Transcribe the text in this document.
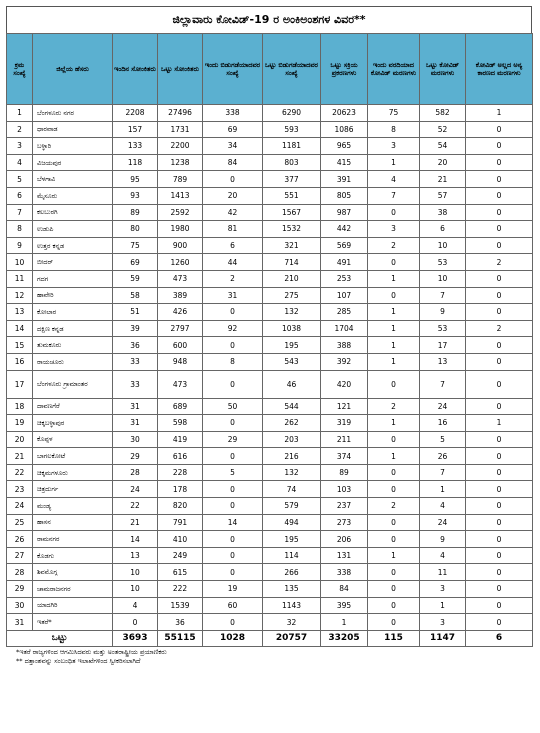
ಜಿಲ್ಲಾವಾರು ಕೋವಿಡ್-19 ರ ಅಂಕಿಅಂಶಗಳ ವಿವರ**
ಕ್ರಮ ಸಂಖ್ಯೆ	ಜಿಲ್ಲೆಯ ಹೆಸರು	ಇಂದಿನ ಸೋಂಕಿತರು	ಒಟ್ಟು ಸೋಂಕಿತರು	ಇಂದು ಬಿಡುಗಡೆಯಾದವರ ಸಂಖ್ಯೆ	ಒಟ್ಟು ಬಿಡುಗಡೆಯಾದವರ ಸಂಖ್ಯೆ	ಒಟ್ಟು ಸಕ್ರಿಯ ಪ್ರಕರಣಗಳು	ಇಂದು ವರದಿಯಾದ ಕೋವಿಡ್ ಮರಣಗಳು	ಒಟ್ಟು ಕೋವಿಡ್ ಮರಣಗಳು	ಕೋವಿಡ್ ಅಲ್ಲದ ಅನ್ಯ ಕಾರಣದ ಮರಣಗಳು
1	ಬೆಂಗಳೂರು ನಗರ	2208	27496	338	6290	20623	75	582	1
2	ಧಾರವಾಡ	157	1731	69	593	1086	8	52	0
3	ಬಳ್ಳಾರಿ	133	2200	34	1181	965	3	54	0
4	ವಿಜಯಪುರ	118	1238	84	803	415	1	20	0
5	ಬೆಳಗಾವಿ	95	789	0	377	391	4	21	0
6	ಮೈಸೂರು	93	1413	20	551	805	7	57	0
7	ಕಲಬುರಗಿ	89	2592	42	1567	987	0	38	0
8	ಉಡುಪಿ	80	1980	81	1532	442	3	6	0
9	ಉತ್ತರ ಕನ್ನಡ	75	900	6	321	569	2	10	0
10	ಬೀದರ್	69	1260	44	714	491	0	53	2
11	ಗದಗ	59	473	2	210	253	1	10	0
12	ಹಾವೇರಿ	58	389	31	275	107	0	7	0
13	ಕೋಲಾರ	51	426	0	132	285	1	9	0
14	ದಕ್ಷಿಣ ಕನ್ನಡ	39	2797	92	1038	1704	1	53	2
15	ತುಮಕೂರು	36	600	0	195	388	1	17	0
16	ರಾಯಚೂರು	33	948	8	543	392	1	13	0
17	ಬೆಂಗಳೂರು ಗ್ರಾಮಾಂತರ	33	473	0	46	420	0	7	0
18	ದಾವಣಗೆರೆ	31	689	50	544	121	2	24	0
19	ಚಿಕ್ಕಬಳ್ಳಾಪುರ	31	598	0	262	319	1	16	1
20	ಕೊಪ್ಪಳ	30	419	29	203	211	0	5	0
21	ಬಾಗಲಕೋಟೆ	29	616	0	216	374	1	26	0
22	ಚಿಕ್ಕಮಗಳೂರು	28	228	5	132	89	0	7	0
23	ಚಿತ್ರದುರ್ಗ	24	178	0	74	103	0	1	0
24	ಮಂಡ್ಯ	22	820	0	579	237	2	4	0
25	ಹಾಸನ	21	791	14	494	273	0	24	0
26	ರಾಮನಗರ	14	410	0	195	206	0	9	0
27	ಕೊಡಗು	13	249	0	114	131	1	4	0
28	ಶಿವಮೊಗ್ಗ	10	615	0	266	338	0	11	0
29	ಚಾಮರಾಜನಗರ	10	222	19	135	84	0	3	0
30	ಯಾದಗಿರಿ	4	1539	60	1143	395	0	1	0
31	ಇತರೆ*	0	36	0	32	1	0	3	0
ಒಟ್ಟು		3693	55115	1028	20757	33205	115	1147	6
*ಇತರೆ ರಾಜ್ಯಗಳಿಂದ ಆಗಮಿಸಿದವರು ಮತ್ತು ಅಂತರಾಷ್ಟ್ರೀಯ ಪ್ರಯಾಣಿಕರು
** ದತ್ತಾಂಶವನ್ನು ಸಂಬಂಧಿತ ಇಲಾಖೆಗಳಿಂದ ಸ್ವೀಕರಿಸಲಾಗಿದೆ
